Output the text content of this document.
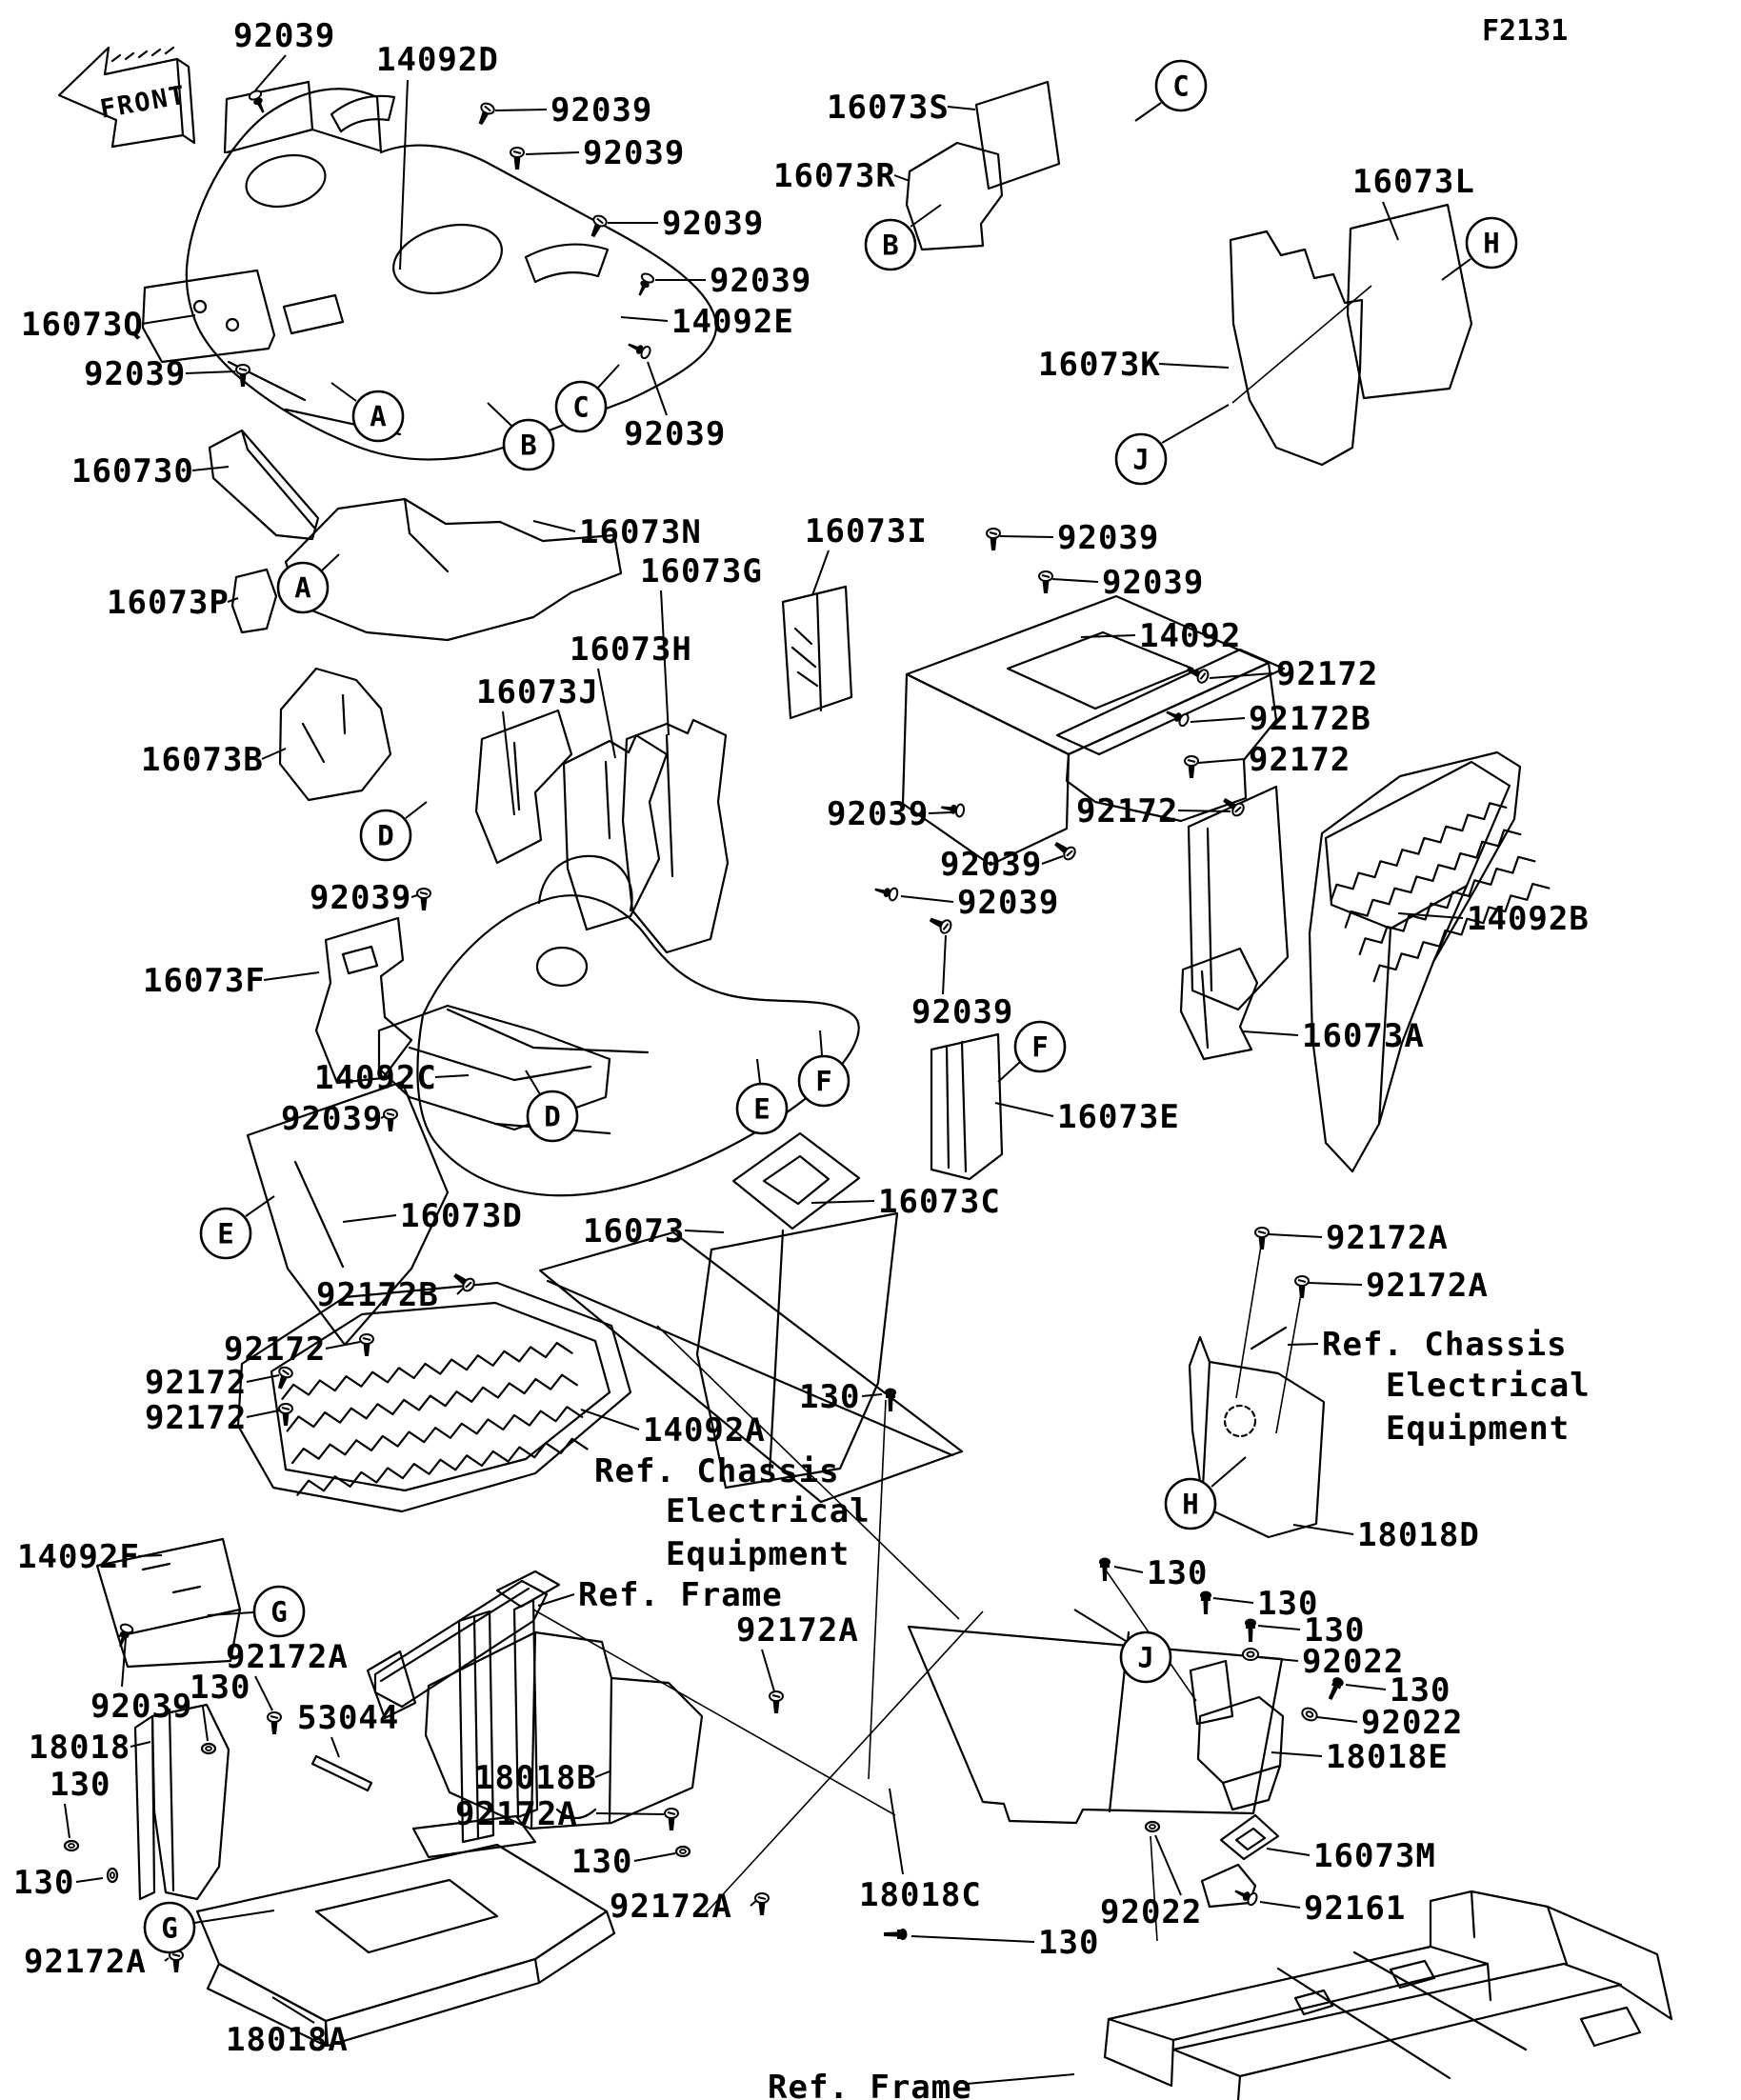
A
A
B
B
C
C
D
D
E
E
F
F
G
G
H
H
J
J
92039
14092D
92039
92039
92039
92039
14092E
16073Q
92039
160730
16073P
92039
16073N
16073S
16073R	16073L
16073K
16073B
16073G
16073H
16073J
16073I	92039
92039
14092
92172
92172B
92172
92172
92039
92039
92039
92039
16073F
92039
14092C
92039
16073D 16073
16073C
16073E
16073A
14092B
92172A
92172A
Ref. Chassis
Electrical
Equipment
130
18018D
130
130
130
92022
130
92022
18018E
16073M
92161
92022
130
18018C
92172A
18018B
92172A
130
92172A
Ref. Frame
14092F
92172A
130
92039	53044
18018
130
130
92172A
18018A
Ref. Chassis
Electrical
Equipment
14092A
92172B
92172
92172
92172
Ref. Frame
FRONT
F2131
